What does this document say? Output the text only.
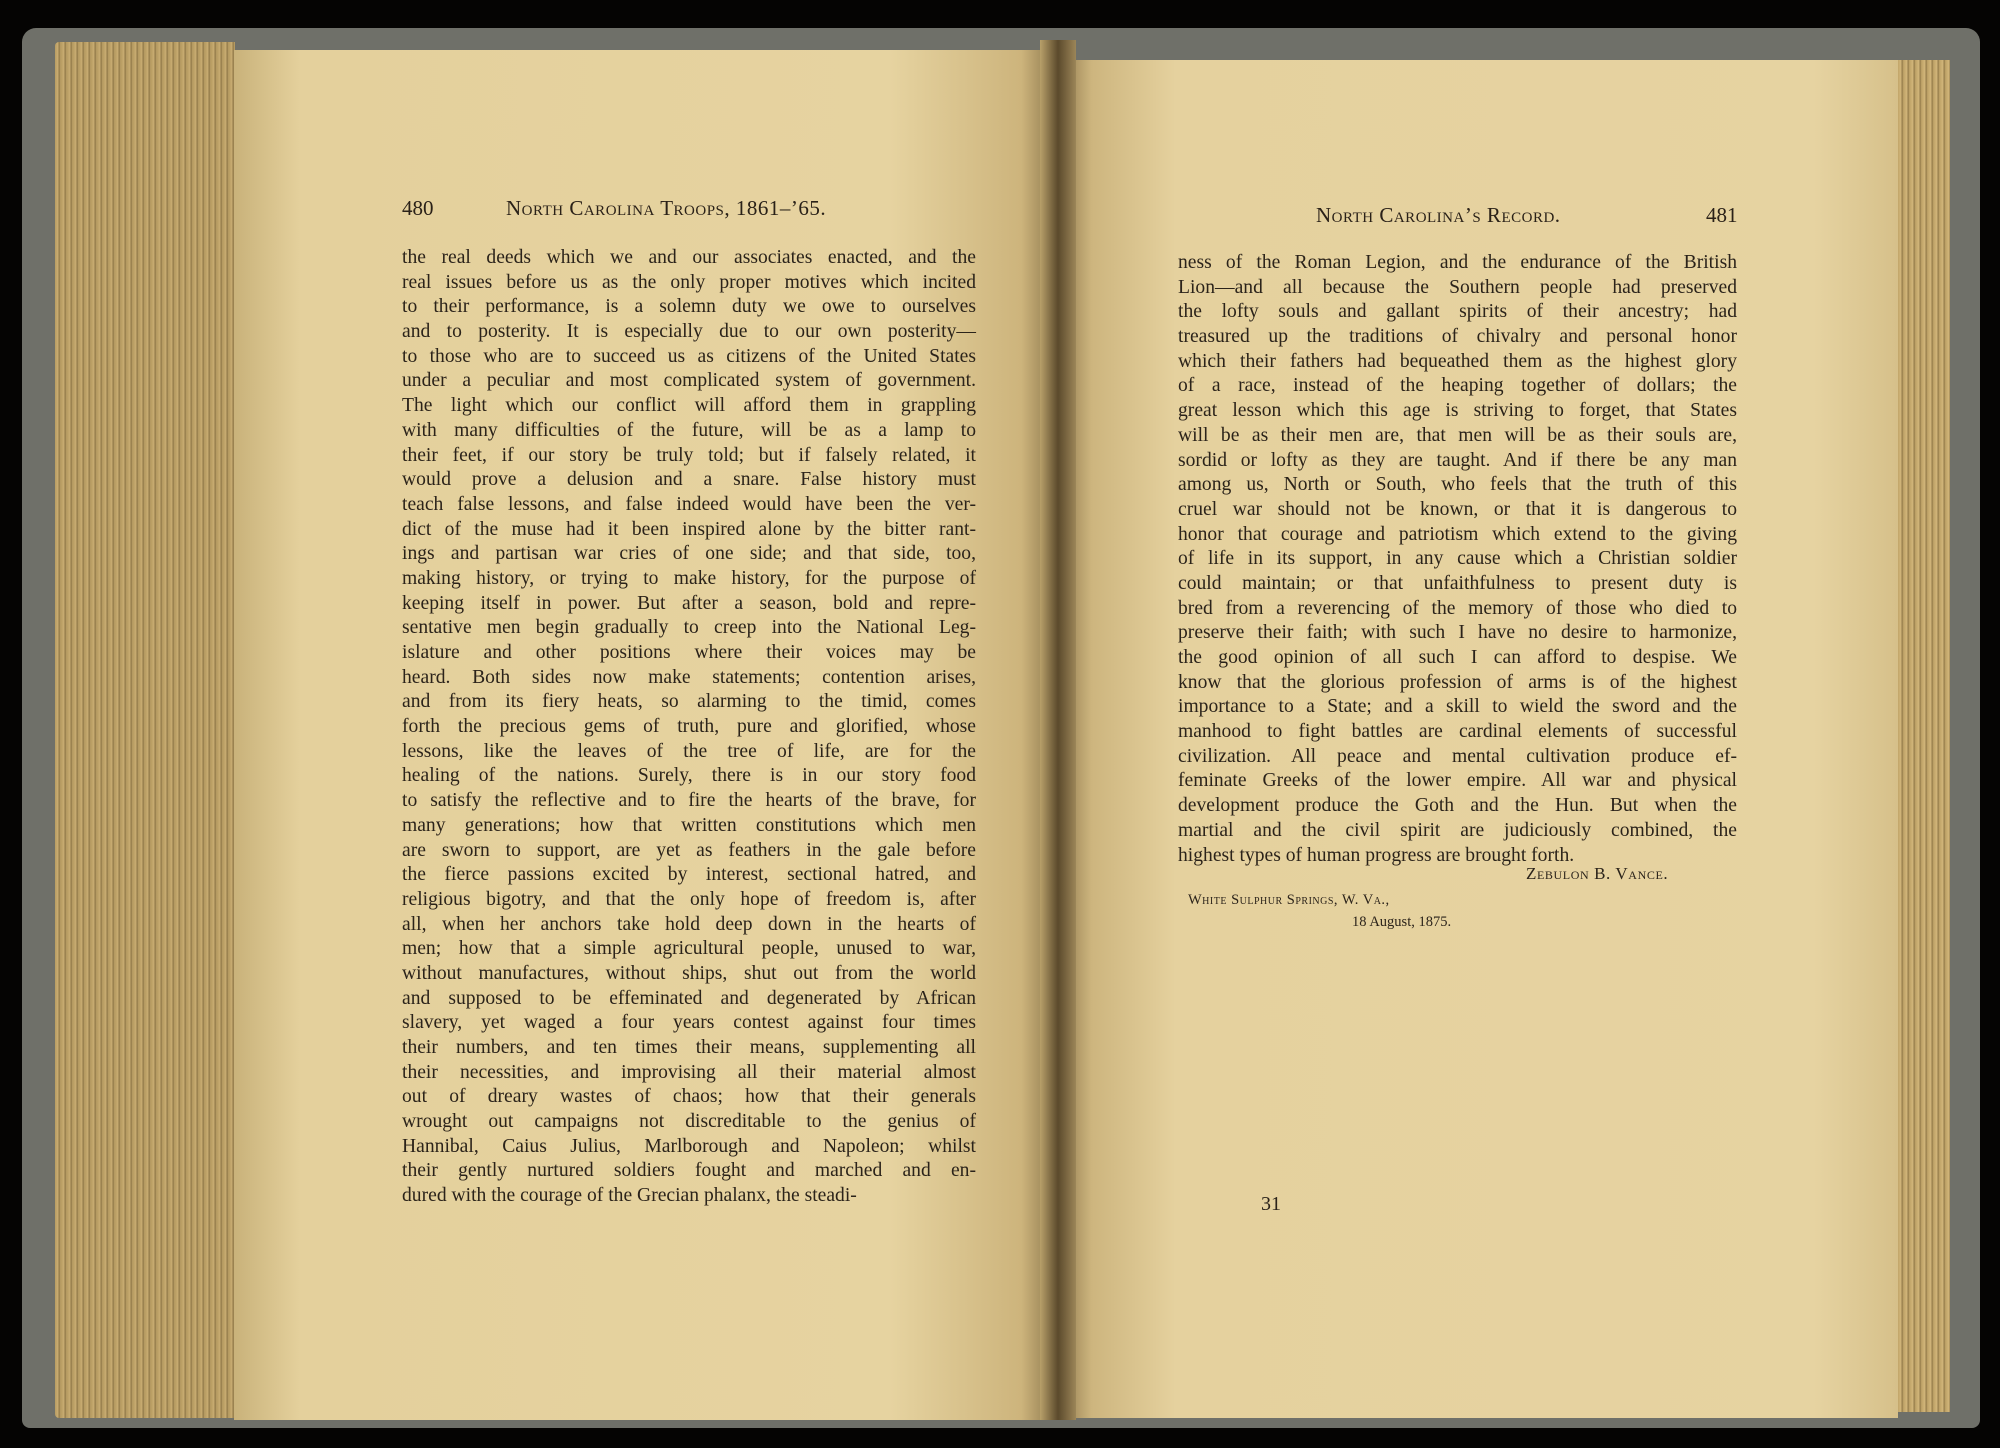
480	North Carolina Troops, 1861–’65.	North Carolina’s Record.	481
the real deeds which we and our associates enacted, and the
real issues before us as the only proper motives which incited
to their performance, is a solemn duty we owe to ourselves
and to posterity. It is especially due to our own posterity—
to those who are to succeed us as citizens of the United States
under a peculiar and most complicated system of government.
The light which our conflict will afford them in grappling
with many difficulties of the future, will be as a lamp to
their feet, if our story be truly told; but if falsely related, it
would prove a delusion and a snare. False history must
teach false lessons, and false indeed would have been the ver-
dict of the muse had it been inspired alone by the bitter rant-
ings and partisan war cries of one side; and that side, too,
making history, or trying to make history, for the purpose of
keeping itself in power. But after a season, bold and repre-
sentative men begin gradually to creep into the National Leg-
islature and other positions where their voices may be
heard. Both sides now make statements; contention arises,
and from its fiery heats, so alarming to the timid, comes
forth the precious gems of truth, pure and glorified, whose
lessons, like the leaves of the tree of life, are for the
healing of the nations. Surely, there is in our story food
to satisfy the reflective and to fire the hearts of the brave, for
many generations; how that written constitutions which men
are sworn to support, are yet as feathers in the gale before
the fierce passions excited by interest, sectional hatred, and
religious bigotry, and that the only hope of freedom is, after
all, when her anchors take hold deep down in the hearts of
men; how that a simple agricultural people, unused to war,
without manufactures, without ships, shut out from the world
and supposed to be effeminated and degenerated by African
slavery, yet waged a four years contest against four times
their numbers, and ten times their means, supplementing all
their necessities, and improvising all their material almost
out of dreary wastes of chaos; how that their generals
wrought out campaigns not discreditable to the genius of
Hannibal, Caius Julius, Marlborough and Napoleon; whilst
their gently nurtured soldiers fought and marched and en-
dured with the courage of the Grecian phalanx, the steadi-
ness of the Roman Legion, and the endurance of the British
Lion—and all because the Southern people had preserved
the lofty souls and gallant spirits of their ancestry; had
treasured up the traditions of chivalry and personal honor
which their fathers had bequeathed them as the highest glory
of a race, instead of the heaping together of dollars; the
great lesson which this age is striving to forget, that States
will be as their men are, that men will be as their souls are,
sordid or lofty as they are taught. And if there be any man
among us, North or South, who feels that the truth of this
cruel war should not be known, or that it is dangerous to
honor that courage and patriotism which extend to the giving
of life in its support, in any cause which a Christian soldier
could maintain; or that unfaithfulness to present duty is
bred from a reverencing of the memory of those who died to
preserve their faith; with such I have no desire to harmonize,
the good opinion of all such I can afford to despise. We
know that the glorious profession of arms is of the highest
importance to a State; and a skill to wield the sword and the
manhood to fight battles are cardinal elements of successful
civilization. All peace and mental cultivation produce ef-
feminate Greeks of the lower empire. All war and physical
development produce the Goth and the Hun. But when the
martial and the civil spirit are judiciously combined, the
highest types of human progress are brought forth.
Zebulon B. Vance.
White Sulphur Springs, W. Va.,
18 August, 1875.
31
